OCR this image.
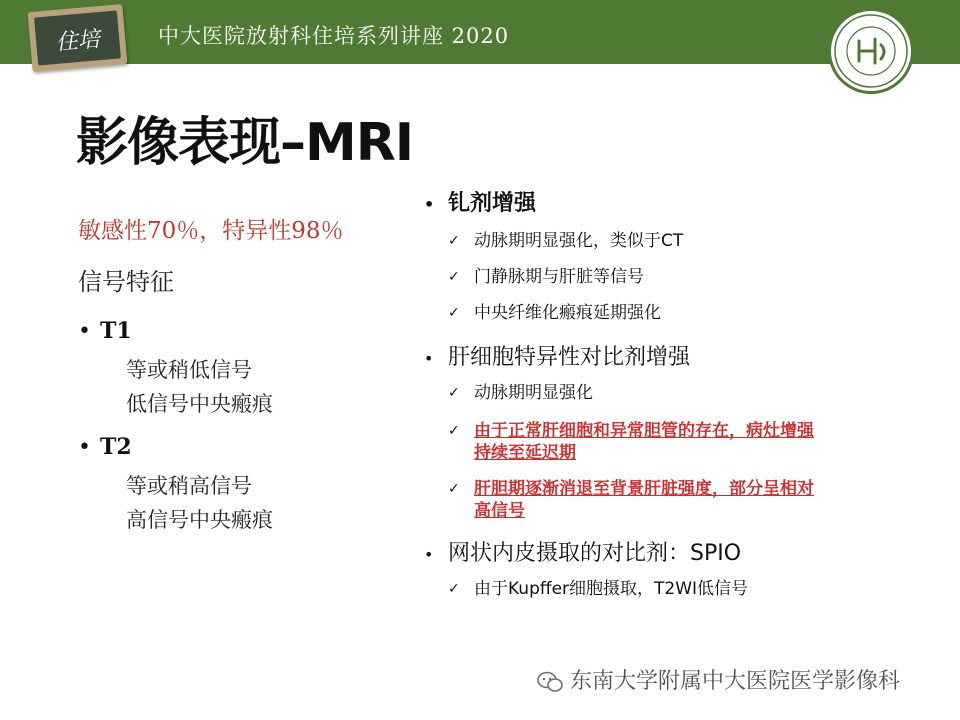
中大医院放射科住培系列讲座 2020
住培
影像表现–MRI
敏感性70％，特异性98％
信号特征
• T1
等或稍低信号
低信号中央瘢痕
• T2
等或稍高信号
高信号中央瘢痕
• 钆剂增强
✓ 动脉期明显强化，类似于CT
✓ 门静脉期与肝脏等信号
✓ 中央纤维化瘢痕延期强化
• 肝细胞特异性对比剂增强
✓ 动脉期明显强化
✓ 由于正常肝细胞和异常胆管的存在，病灶增强
持续至延迟期
✓ 肝胆期逐渐消退至背景肝脏强度，部分呈相对
高信号
• 网状内皮摄取的对比剂：SPIO
✓ 由于Kupffer细胞摄取，T2WI低信号
东南大学附属中大医院医学影像科
